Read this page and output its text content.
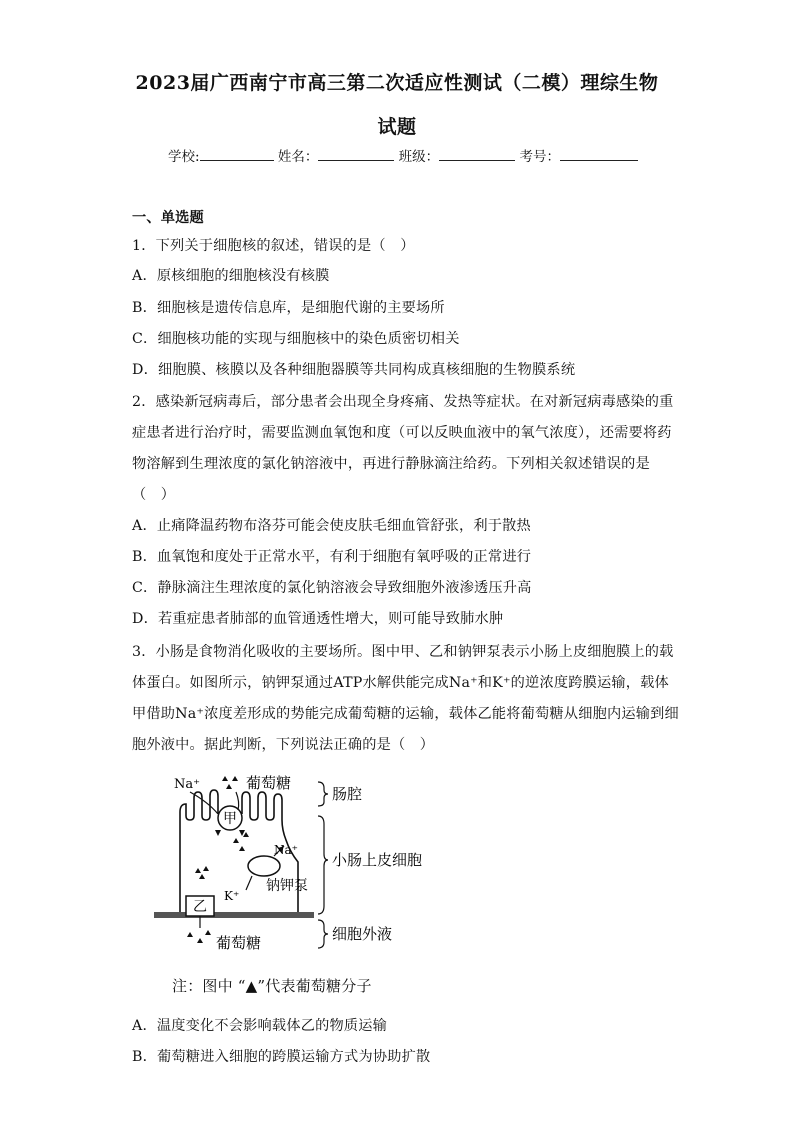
2023届广西南宁市高三第二次适应性测试（二模）理综生物
试题
学校:	姓名：	班级：	考号：
一、单选题
1．下列关于细胞核的叙述，错误的是（　）
A．原核细胞的细胞核没有核膜
B．细胞核是遗传信息库，是细胞代谢的主要场所
C．细胞核功能的实现与细胞核中的染色质密切相关
D．细胞膜、核膜以及各种细胞器膜等共同构成真核细胞的生物膜系统
2．感染新冠病毒后，部分患者会出现全身疼痛、发热等症状。在对新冠病毒感染的重
症患者进行治疗时，需要监测血氧饱和度（可以反映血液中的氧气浓度），还需要将药
物溶解到生理浓度的氯化钠溶液中，再进行静脉滴注给药。下列相关叙述错误的是
（　）
A．止痛降温药物布洛芬可能会使皮肤毛细血管舒张，利于散热
B．血氧饱和度处于正常水平，有利于细胞有氧呼吸的正常进行
C．静脉滴注生理浓度的氯化钠溶液会导致细胞外液渗透压升高
D．若重症患者肺部的血管通透性增大，则可能导致肺水肿
3．小肠是食物消化吸收的主要场所。图中甲、乙和钠钾泵表示小肠上皮细胞膜上的载
体蛋白。如图所示，钠钾泵通过ATP水解供能完成Na⁺和K⁺的逆浓度跨膜运输，载体
甲借助Na⁺浓度差形成的势能完成葡萄糖的运输，载体乙能将葡萄糖从细胞内运输到细
胞外液中。据此判断，下列说法正确的是（　）
甲
Na⁺	葡萄糖
Na⁺
K⁺
钠钾泵
乙
葡萄糖
肠腔
小肠上皮细胞
细胞外液
注：图中 “▲”代表葡萄糖分子
A．温度变化不会影响载体乙的物质运输
B．葡萄糖进入细胞的跨膜运输方式为协助扩散
